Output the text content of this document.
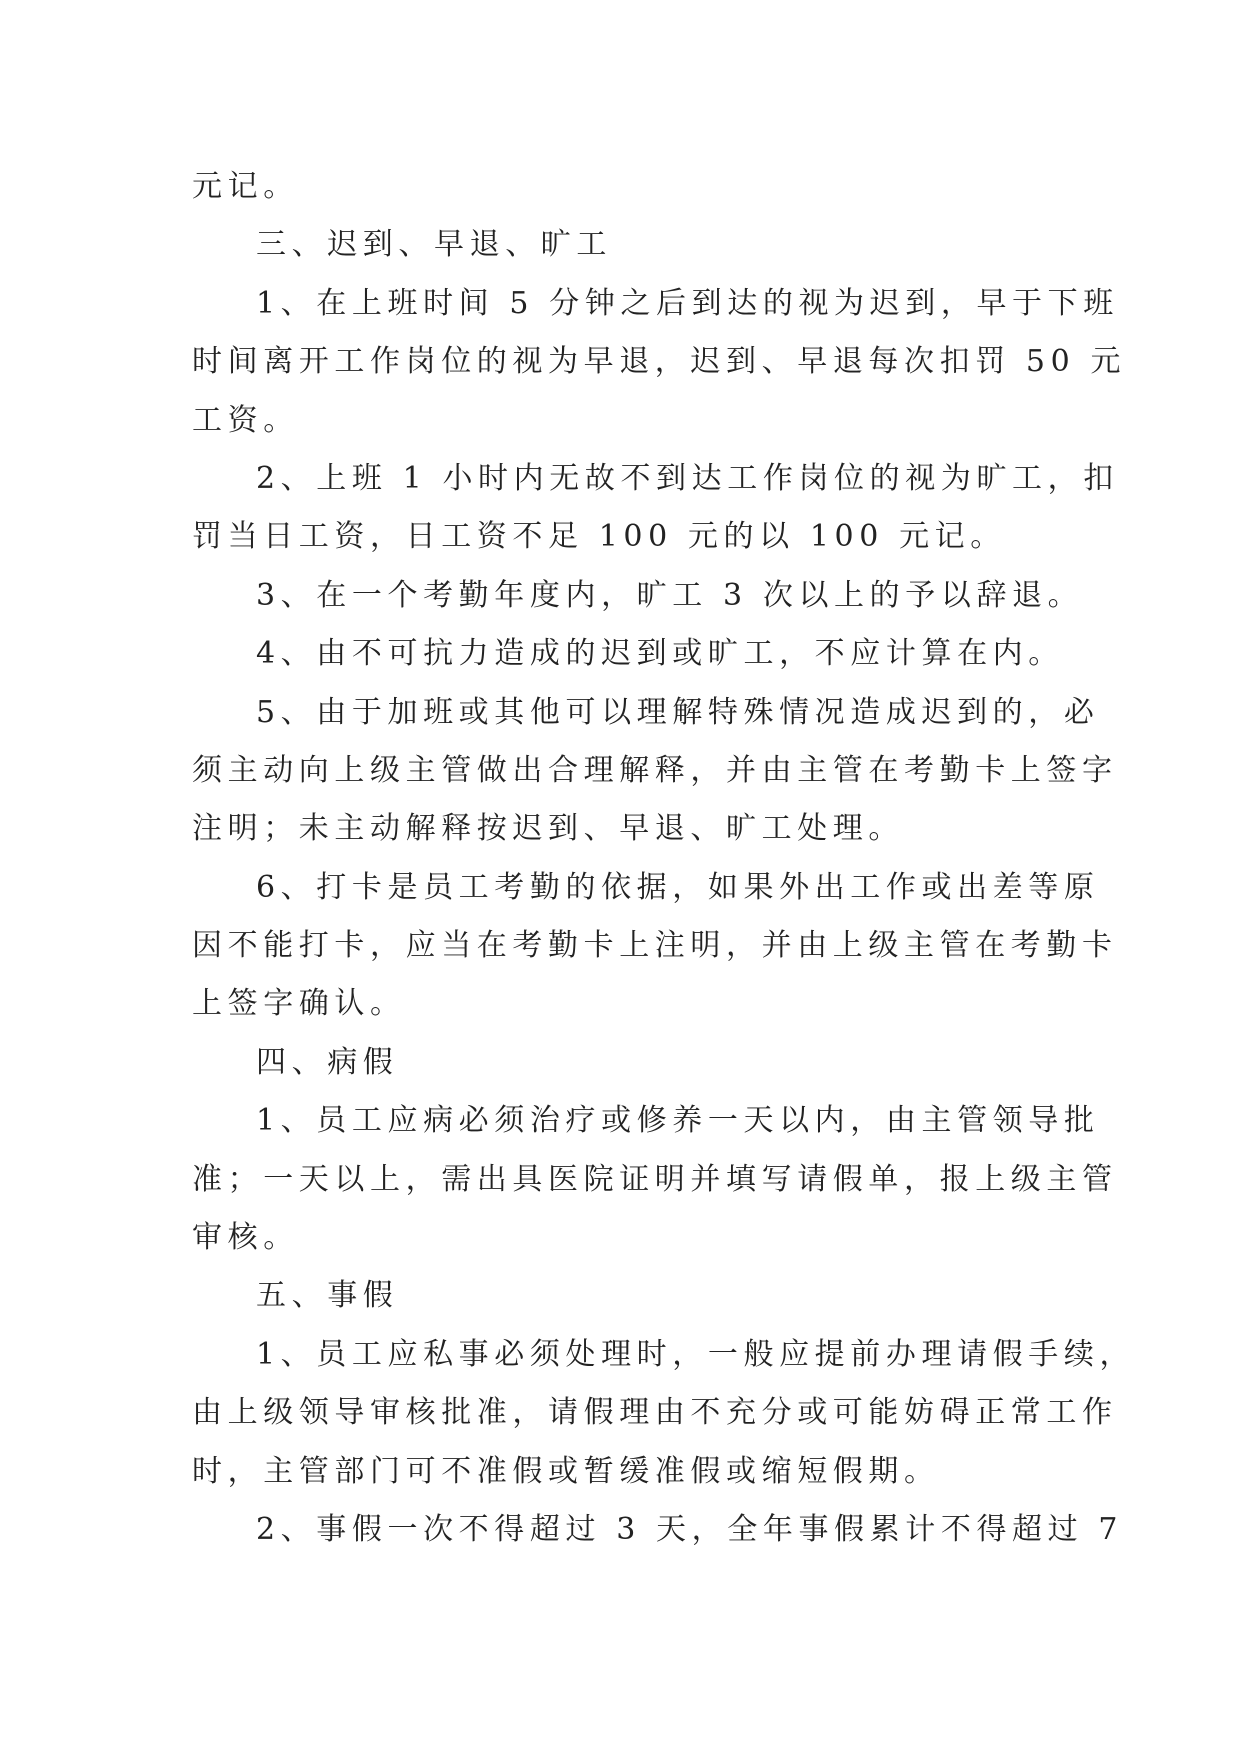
元记。
三、迟到、早退、旷工
1、在上班时间 5 分钟之后到达的视为迟到，早于下班
时间离开工作岗位的视为早退，迟到、早退每次扣罚 50 元
工资。
2、上班 1 小时内无故不到达工作岗位的视为旷工，扣
罚当日工资，日工资不足 100 元的以 100 元记。
3、在一个考勤年度内，旷工 3 次以上的予以辞退。
4、由不可抗力造成的迟到或旷工，不应计算在内。
5、由于加班或其他可以理解特殊情况造成迟到的，必
须主动向上级主管做出合理解释，并由主管在考勤卡上签字
注明；未主动解释按迟到、早退、旷工处理。
6、打卡是员工考勤的依据，如果外出工作或出差等原
因不能打卡，应当在考勤卡上注明，并由上级主管在考勤卡
上签字确认。
四、病假
1、员工应病必须治疗或修养一天以内，由主管领导批
准；一天以上，需出具医院证明并填写请假单，报上级主管
审核。
五、事假
1、员工应私事必须处理时，一般应提前办理请假手续，
由上级领导审核批准，请假理由不充分或可能妨碍正常工作
时，主管部门可不准假或暂缓准假或缩短假期。
2、事假一次不得超过 3 天，全年事假累计不得超过 7
